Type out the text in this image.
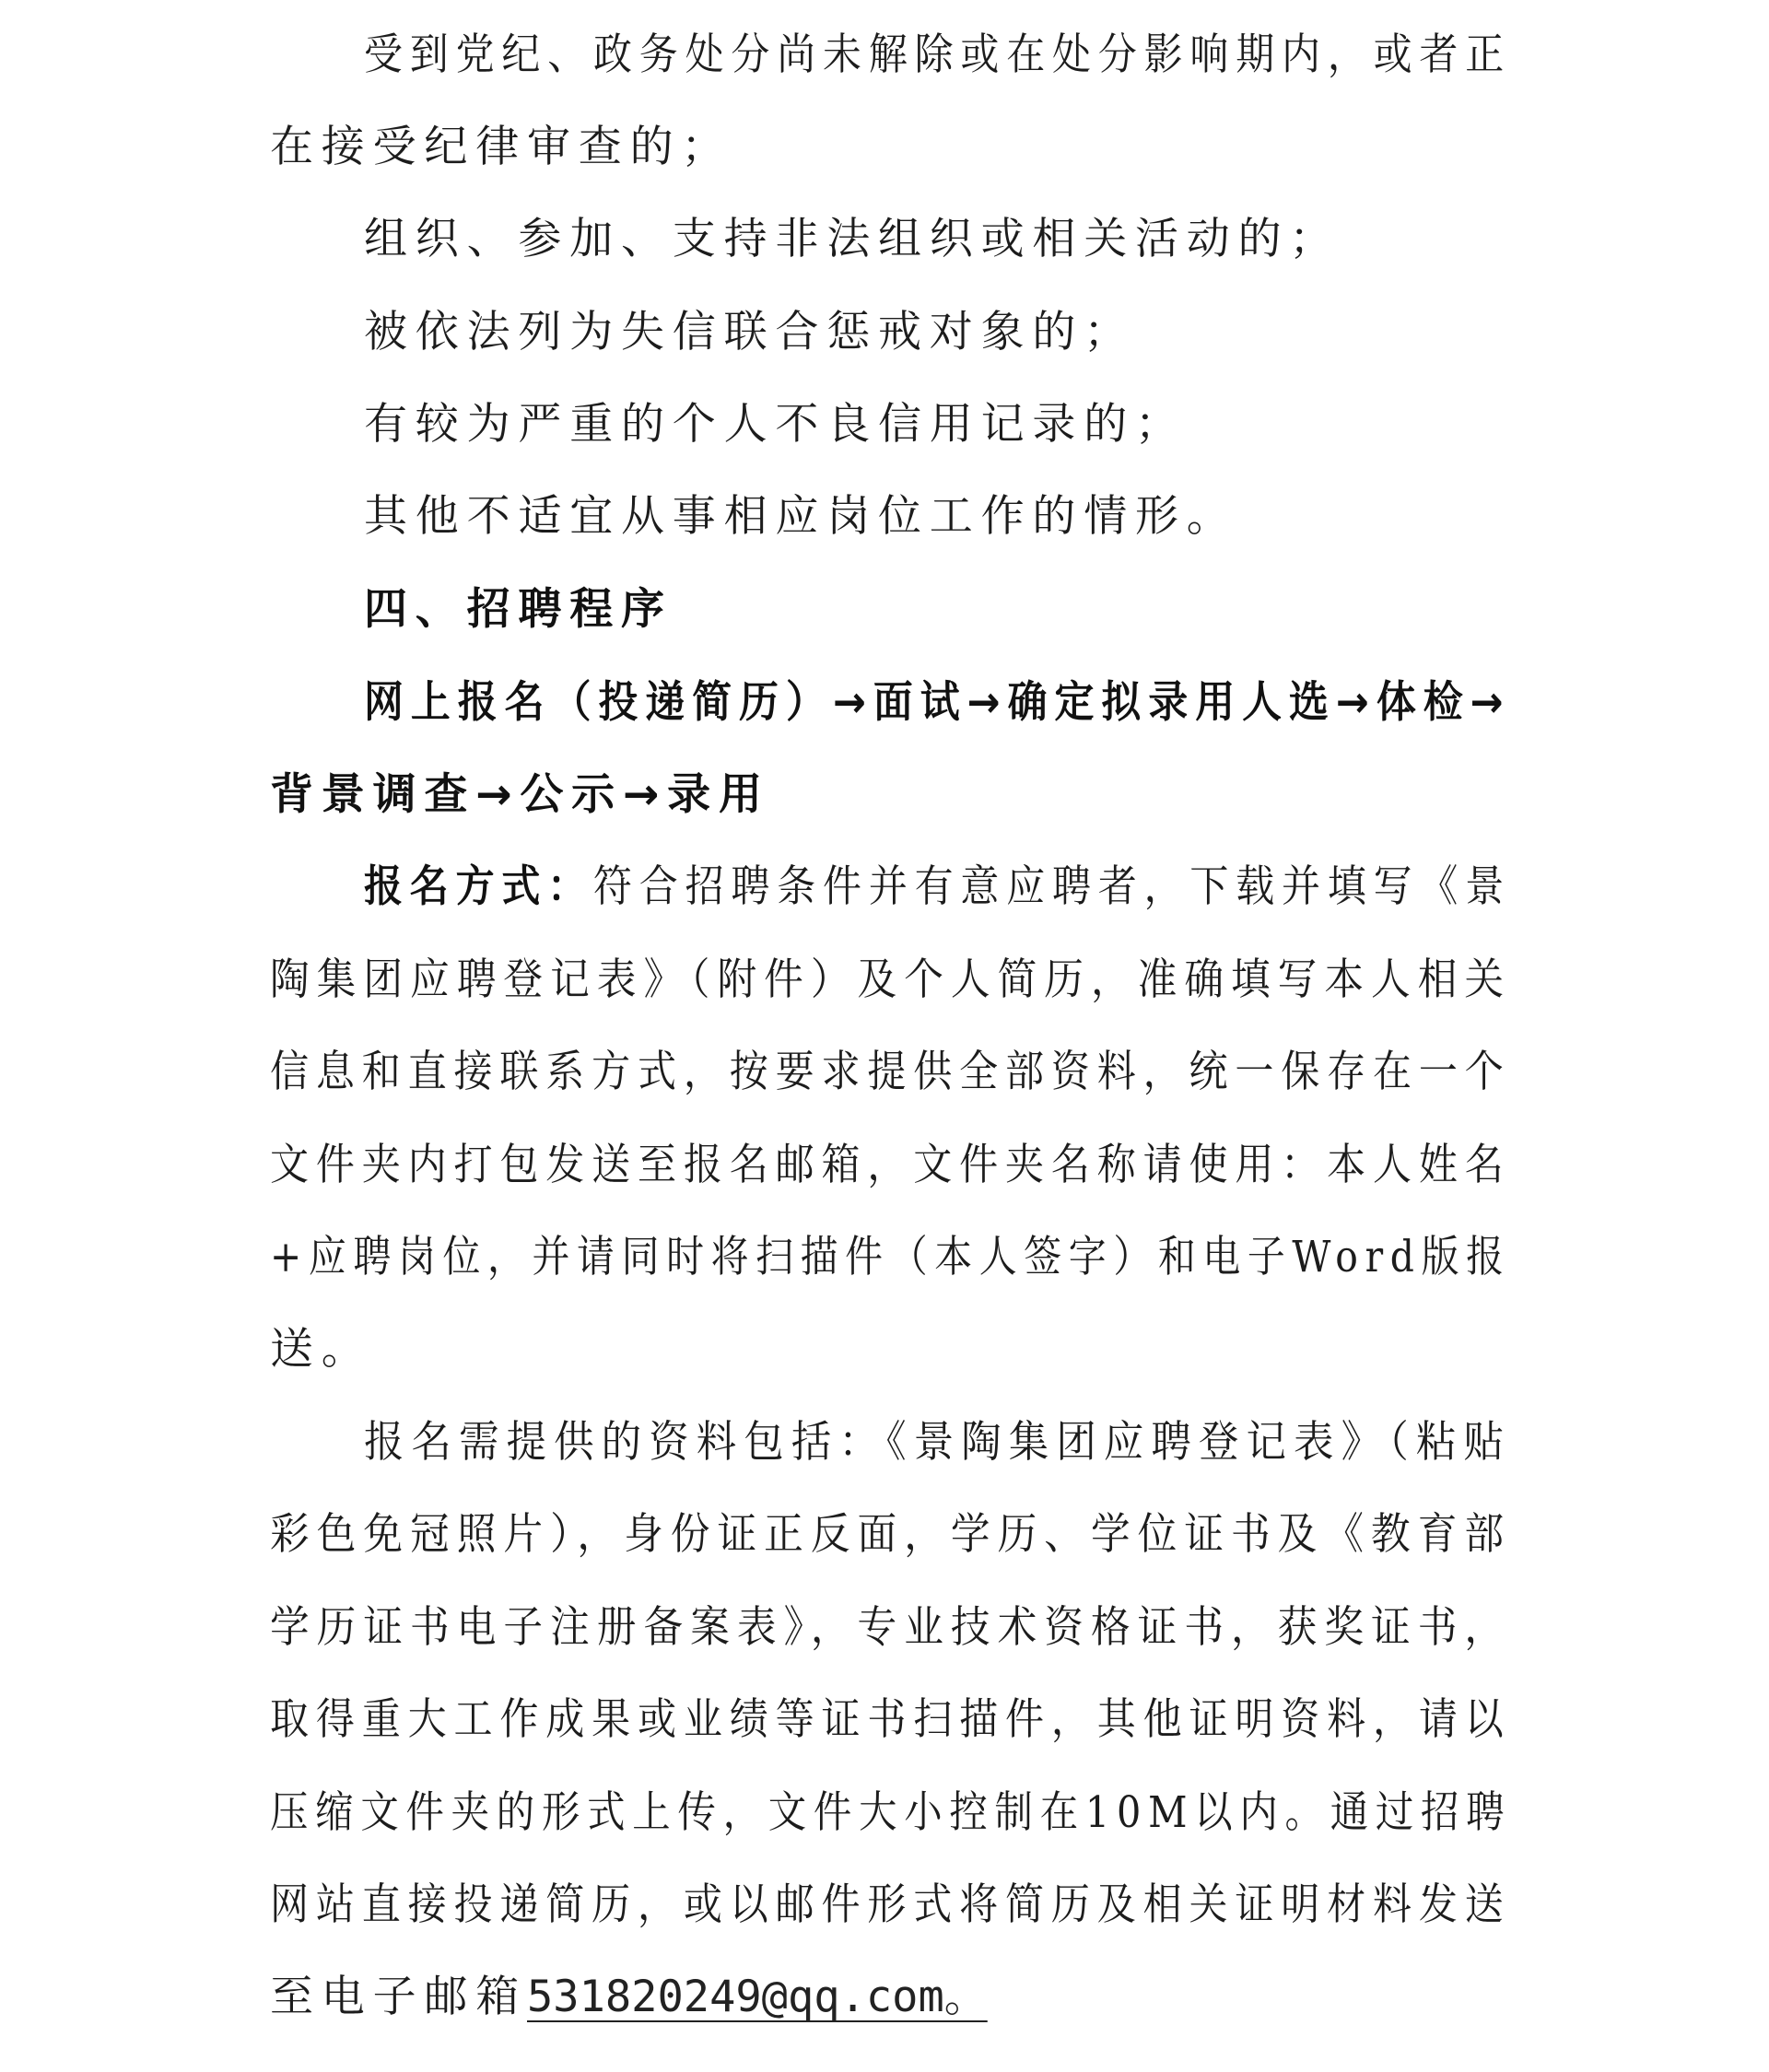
受到党纪、政务处分尚未解除或在处分影响期内，或者正
在接受纪律审查的；
组织、参加、支持非法组织或相关活动的；
被依法列为失信联合惩戒对象的；
有较为严重的个人不良信用记录的；
其他不适宜从事相应岗位工作的情形。
四、招聘程序
网上报名（投递简历）→面试→确定拟录用人选→体检→
背景调查→公示→录用
报名方式：符合招聘条件并有意应聘者，下载并填写《景
陶集团应聘登记表》（附件）及个人简历，准确填写本人相关
信息和直接联系方式，按要求提供全部资料，统一保存在一个
文件夹内打包发送至报名邮箱，文件夹名称请使用：本人姓名
+应聘岗位，并请同时将扫描件（本人签字）和电子Word版报
送。
报名需提供的资料包括：《景陶集团应聘登记表》（粘贴
彩色免冠照片），身份证正反面，学历、学位证书及《教育部
学历证书电子注册备案表》，专业技术资格证书，获奖证书，
取得重大工作成果或业绩等证书扫描件，其他证明资料，请以
压缩文件夹的形式上传，文件大小控制在10M以内。通过招聘
网站直接投递简历，或以邮件形式将简历及相关证明材料发送
至电子邮箱531820249@qq.com。
